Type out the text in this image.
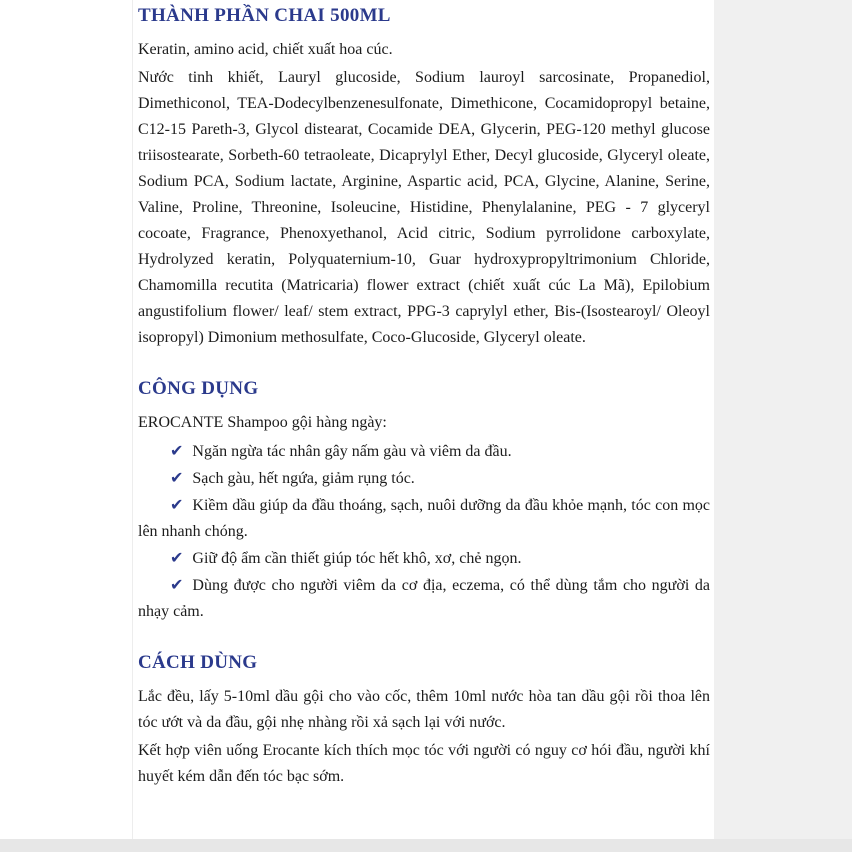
THÀNH PHẦN CHAI 500ML

Keratin, amino acid, chiết xuất hoa cúc.

Nước tinh khiết, Lauryl glucoside, Sodium lauroyl sarcosinate, Propanediol, Dimethiconol, TEA-Dodecylbenzenesulfonate, Dimethicone, Cocamidopropyl betaine, C12-15 Pareth-3, Glycol distearat, Cocamide DEA, Glycerin, PEG-120 methyl glucose triisostearate, Sorbeth-60 tetraoleate, Dicaprylyl Ether, Decyl glucoside, Glyceryl oleate, Sodium PCA, Sodium lactate, Arginine, Aspartic acid, PCA, Glycine, Alanine, Serine, Valine, Proline, Threonine, Isoleucine, Histidine, Phenylalanine, PEG - 7 glyceryl cocoate, Fragrance, Phenoxyethanol, Acid citric, Sodium pyrrolidone carboxylate, Hydrolyzed keratin, Polyquaternium-10, Guar hydroxypropyltrimonium Chloride, Chamomilla recutita (Matricaria) flower extract (chiết xuất cúc La Mã), Epilobium angustifolium flower/ leaf/ stem extract, PPG-3 caprylyl ether, Bis-(Isostearoyl/ Oleoyl isopropyl) Dimonium methosulfate, Coco-Glucoside, Glyceryl oleate.

CÔNG DỤNG

EROCANTE Shampoo gội hàng ngày:

✔ Ngăn ngừa tác nhân gây nấm gàu và viêm da đầu.

✔ Sạch gàu, hết ngứa, giảm rụng tóc.

✔ Kiềm dầu giúp da đầu thoáng, sạch, nuôi dưỡng da đầu khỏe mạnh, tóc con mọc lên nhanh chóng.

✔ Giữ độ ẩm cần thiết giúp tóc hết khô, xơ, chẻ ngọn.

✔ Dùng được cho người viêm da cơ địa, eczema, có thể dùng tắm cho người da nhạy cảm.

CÁCH DÙNG

Lắc đều, lấy 5-10ml dầu gội cho vào cốc, thêm 10ml nước hòa tan dầu gội rồi thoa lên tóc ướt và da đầu, gội nhẹ nhàng rồi xả sạch lại với nước.

Kết hợp viên uống Erocante kích thích mọc tóc với người có nguy cơ hói đầu, người khí huyết kém dẫn đến tóc bạc sớm.
